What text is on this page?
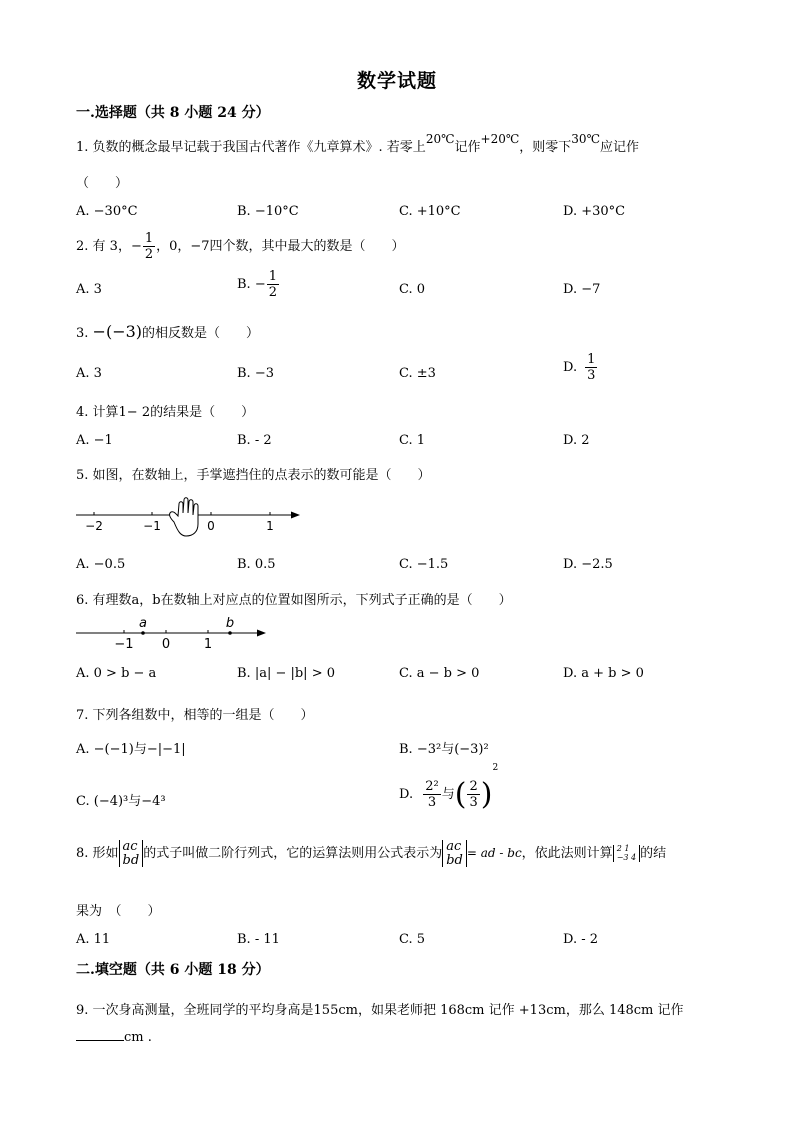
数学试题
一.选择题（共 8 小题 24 分）
1. 负数的概念最早记载于我国古代著作《九章算术》. 若零上$^{20℃}$记作$^{+20℃}$，则零下$^{30℃}$应记作
（　　）
A. −30°C	B. −10°C	C. +10°C	D. +30°C
2. 有 3，− $\frac{1}{2}$ ，0，−7四个数，其中最大的数是（　　）
A. 3	B. − $\frac{1}{2}$	C. 0	D. −7
3. −(−3)的相反数是（　　）
A. 3	B. −3	C. ±3	D. $\frac{1}{3}$
4. 计算1− 2的结果是（　　）
A. −1	B. - 2	C. 1	D. 2
5. 如图，在数轴上，手掌遮挡住的点表示的数可能是（　　）
−2	−1	0	1
A. −0.5	B. 0.5	C. −1.5	D. −2.5
6. 有理数a，b在数轴上对应点的位置如图所示，下列式子正确的是（　　）
a	b
−1 0	1
A. 0 > b − a	B. |a| − |b| > 0	C. a − b > 0	D. a + b > 0
7. 下列各组数中，相等的一组是（　　）
A. −(−1)与−|−1|	B. −3²与(−3)²
C. (−4)³与−4³	D. $\frac{\text{2²}}{3}$ 与( $\frac{2}{3} )^2$
8. 形如 ac
bd 的式子叫做二阶行列式，它的运算法则用公式表示为 ac
bd = ad - bc，依此法则计算 2 1
−3 4 的结
果为　（　　）
A. 11	B. - 11	C. 5	D. - 2
二.填空题（共 6 小题 18 分）
9. 一次身高测量，全班同学的平均身高是155cm，如果老师把 168cm 记作 +13cm，那么 148cm 记作
cm .
